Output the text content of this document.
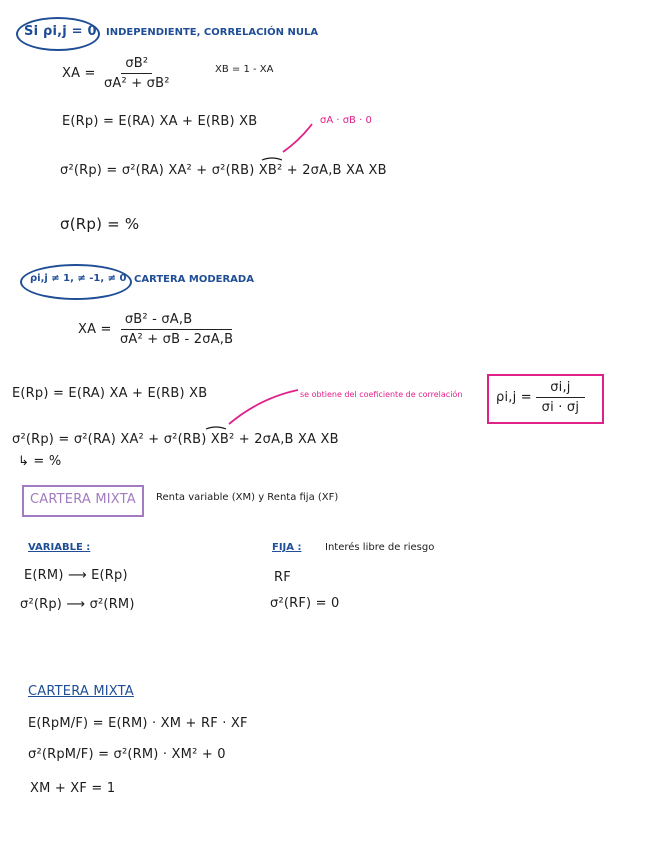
Si ρi,j = 0 INDEPENDIENTE, CORRELACIÓN NULA
XA = $\frac{\text{σB²}}{\text{σA² + σB²}}$	XB = 1 - XA
E(Rp) = E(RA) XA + E(RB) XB	σA · σB · 0
σ²(Rp) = σ²(RA) XA² + σ²(RB) XB² + 2σA,B XA XB
σ(Rp) = %
ρi,j ≠ 1, ≠ -1, ≠ 0 CARTERA MODERADA
XA = $\frac{\text{σB² - σA,B}}{\text{σA² + σB - 2σA,B}}$
E(Rp) = E(RA) XA + E(RB) XB	se obtiene del coeficiente de correlación	$\rho i,j = \frac{\sigma i,j}{\sigma i \cdot \sigma j}$
σ²(Rp) = σ²(RA) XA² + σ²(RB) XB² + 2σA,B XA XB
↳ = %
CARTERA MIXTA Renta variable (XM) y Renta fija (XF)
VARIABLE :
E(RM) ⟶ E(Rp)
σ²(Rp) ⟶ σ²(RM)
FIJA : Interés libre de riesgo
RF
σ²(RF) = 0
CARTERA MIXTA
E(RpM/F) = E(RM) · XM + RF · XF
σ²(RpM/F) = σ²(RM) · XM² + 0
XM + XF = 1
